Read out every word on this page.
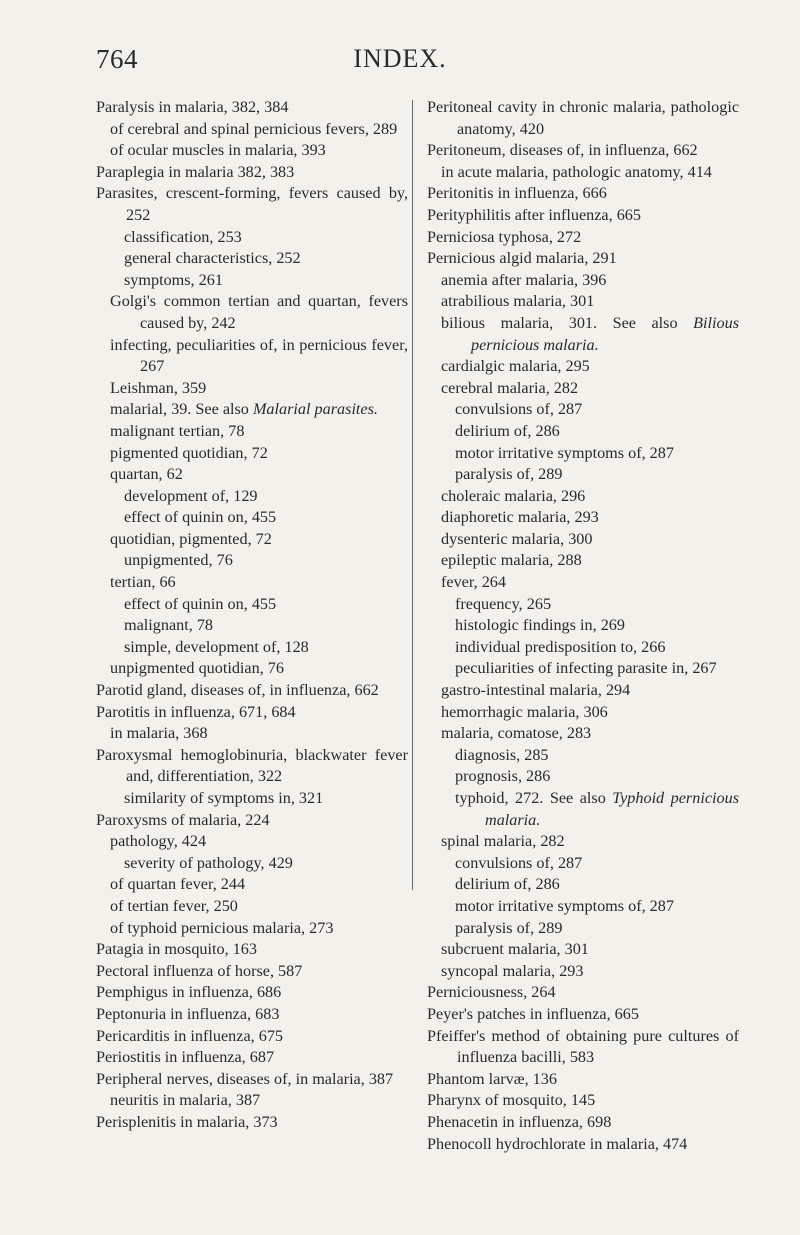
764	INDEX.

Paralysis in malaria, 382, 384

of cerebral and spinal pernicious fevers, 289

of ocular muscles in malaria, 393

Paraplegia in malaria 382, 383

Parasites, crescent-forming, fevers caused by, 252

classification, 253

general characteristics, 252

symptoms, 261

Golgi's common tertian and quartan, fevers caused by, 242

infecting, peculiarities of, in pernicious fever, 267

Leishman, 359

malarial, 39. See also Malarial parasites.

malignant tertian, 78

pigmented quotidian, 72

quartan, 62

development of, 129

effect of quinin on, 455

quotidian, pigmented, 72

unpigmented, 76

tertian, 66

effect of quinin on, 455

malignant, 78

simple, development of, 128

unpigmented quotidian, 76

Parotid gland, diseases of, in influenza, 662

Parotitis in influenza, 671, 684

in malaria, 368

Paroxysmal hemoglobinuria, blackwater fever and, differentiation, 322

similarity of symptoms in, 321

Paroxysms of malaria, 224

pathology, 424

severity of pathology, 429

of quartan fever, 244

of tertian fever, 250

of typhoid pernicious malaria, 273

Patagia in mosquito, 163

Pectoral influenza of horse, 587

Pemphigus in influenza, 686

Peptonuria in influenza, 683

Pericarditis in influenza, 675

Periostitis in influenza, 687

Peripheral nerves, diseases of, in malaria, 387

neuritis in malaria, 387

Perisplenitis in malaria, 373

Peritoneal cavity in chronic malaria, pathologic anatomy, 420

Peritoneum, diseases of, in influenza, 662

in acute malaria, pathologic anatomy, 414

Peritonitis in influenza, 666

Perityphilitis after influenza, 665

Perniciosa typhosa, 272

Pernicious algid malaria, 291

anemia after malaria, 396

atrabilious malaria, 301

bilious malaria, 301. See also Bilious pernicious malaria.

cardialgic malaria, 295

cerebral malaria, 282

convulsions of, 287

delirium of, 286

motor irritative symptoms of, 287

paralysis of, 289

choleraic malaria, 296

diaphoretic malaria, 293

dysenteric malaria, 300

epileptic malaria, 288

fever, 264

frequency, 265

histologic findings in, 269

individual predisposition to, 266

peculiarities of infecting parasite in, 267

gastro-intestinal malaria, 294

hemorrhagic malaria, 306

malaria, comatose, 283

diagnosis, 285

prognosis, 286

typhoid, 272. See also Typhoid pernicious malaria.

spinal malaria, 282

convulsions of, 287

delirium of, 286

motor irritative symptoms of, 287

paralysis of, 289

subcruent malaria, 301

syncopal malaria, 293

Perniciousness, 264

Peyer's patches in influenza, 665

Pfeiffer's method of obtaining pure cultures of influenza bacilli, 583

Phantom larvæ, 136

Pharynx of mosquito, 145

Phenacetin in influenza, 698

Phenocoll hydrochlorate in malaria, 474
